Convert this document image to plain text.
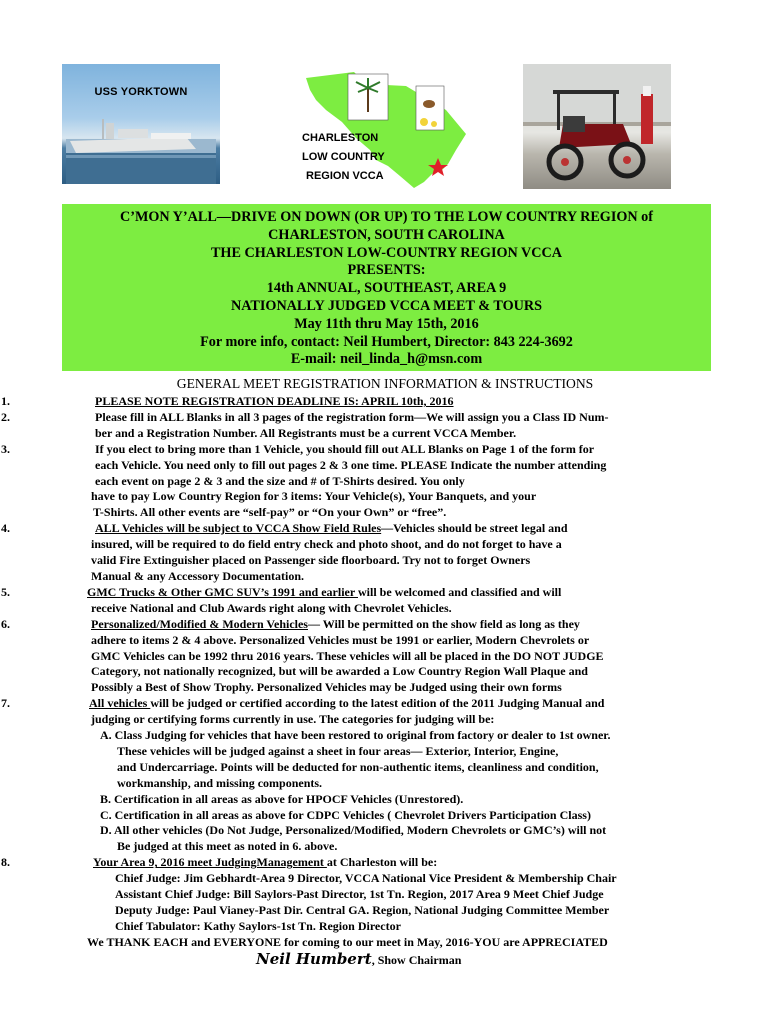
USS YORKTOWN
CHARLESTON
LOW COUNTRY
REGION VCCA
C’MON Y’ALL—DRIVE ON DOWN (OR UP) TO THE LOW COUNTRY REGION of
CHARLESTON, SOUTH CAROLINA
THE CHARLESTON LOW-COUNTRY REGION VCCA
PRESENTS:
14th ANNUAL, SOUTHEAST, AREA 9
NATIONALLY JUDGED VCCA MEET & TOURS
May 11th thru May 15th, 2016
For more info, contact: Neil Humbert, Director: 843 224-3692
E-mail: neil_linda_h@msn.com
GENERAL MEET REGISTRATION INFORMATION & INSTRUCTIONS
1.	PLEASE NOTE REGISTRATION DEADLINE IS: APRIL 10th, 2016
2.	Please fill in ALL Blanks in all 3 pages of the registration form—We will assign you a Class ID Num-
ber and a Registration Number. All Registrants must be a current VCCA Member.
3.	If you elect to bring more than 1 Vehicle, you should fill out ALL Blanks on Page 1 of the form for
each Vehicle. You need only to fill out pages 2 & 3 one time. PLEASE Indicate the number attending
each event on page 2 & 3 and the size and # of T-Shirts desired. You only
have to pay Low Country Region for 3 items: Your Vehicle(s), Your Banquets, and your
T-Shirts. All other events are “self-pay” or “On your Own” or “free”.
4.	ALL Vehicles will be subject to VCCA Show Field Rules—Vehicles should be street legal and
insured, will be required to do field entry check and photo shoot, and do not forget to have a
valid Fire Extinguisher placed on Passenger side floorboard. Try not to forget Owners
Manual & any Accessory Documentation.
5.	GMC Trucks & Other GMC SUV’s 1991 and earlier will be welcomed and classified and will
receive National and Club Awards right along with Chevrolet Vehicles.
6.	Personalized/Modified & Modern Vehicles— Will be permitted on the show field as long as they
adhere to items 2 & 4 above. Personalized Vehicles must be 1991 or earlier, Modern Chevrolets or
GMC Vehicles can be 1992 thru 2016 years. These vehicles will all be placed in the DO NOT JUDGE
Category, not nationally recognized, but will be awarded a Low Country Region Wall Plaque and
Possibly a Best of Show Trophy. Personalized Vehicles may be Judged using their own forms
7.	All vehicles will be judged or certified according to the latest edition of the 2011 Judging Manual and
judging or certifying forms currently in use. The categories for judging will be:
A. Class Judging for vehicles that have been restored to original from factory or dealer to 1st owner.
These vehicles will be judged against a sheet in four areas— Exterior, Interior, Engine,
and Undercarriage. Points will be deducted for non-authentic items, cleanliness and condition,
workmanship, and missing components.
B. Certification in all areas as above for HPOCF Vehicles (Unrestored).
C. Certification in all areas as above for CDPC Vehicles ( Chevrolet Drivers Participation Class)
D. All other vehicles (Do Not Judge, Personalized/Modified, Modern Chevrolets or GMC’s) will not
Be judged at this meet as noted in 6. above.
8.	Your Area 9, 2016 meet JudgingManagement at Charleston will be:
Chief Judge: Jim Gebhardt-Area 9 Director, VCCA National Vice President & Membership Chair
Assistant Chief Judge: Bill Saylors-Past Director, 1st Tn. Region, 2017 Area 9 Meet Chief Judge
Deputy Judge: Paul Vianey-Past Dir. Central GA. Region, National Judging Committee Member
Chief Tabulator: Kathy Saylors-1st Tn. Region Director
We THANK EACH and EVERYONE for coming to our meet in May, 2016-YOU are APPRECIATED
Neil Humbert, Show Chairman
